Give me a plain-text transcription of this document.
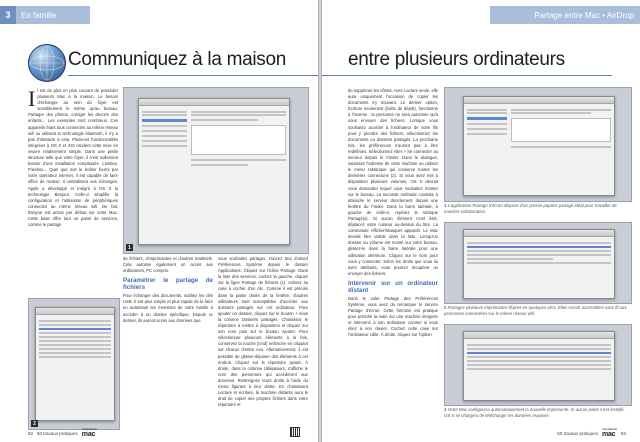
3	En famille
Communiquez à la maison
I l est de plus en plus courant de posséder plusieurs Mac à la maison. Le besoin d'échanger au sein du foyer est sensiblement le même qu'au bureau. Partager des photos, corriger les devoirs des enfants... Les exemples sont nombreux. Ces appareils étant tous connectés au même réseau wifi ou utilisant la technologie bluetooth, il n'y a pas d'obstacle à cela. Plusieurs fonctionnalités intégrées à OS X et iOS rendent cette mise en œuvre relativement simple. Dans une petite structure telle que votre foyer, il n'est nullement besoin d'une installation compliquée. Livebox, Freebox... Quel que soit le boîtier fourni par votre opérateur internet, il est capable de faire office de routeur. Il centralisera vos échanges. Apple a développé et intégré à OS X la technologie Bonjour. Celle-ci simplifie la configuration et l'utilisation de périphériques connectés au même réseau wifi. De fait, Bonjour est activé par défaut sur votre Mac. Cette base offre tout un panel de services, comme le partage
1

de fichiers, d'imprimantes et d'autres matériels. Cela autorise également un accès aux ordinateurs, PC compris.

Paramétrer le partage de fichiers

Pour échanger des documents, oubliez les clés USB. Il est plus simple et plus rapide de le faire en autorisant les membres de votre famille à accéder à un dossier spécifique. Depuis ce dernier, ils auront accès aux données que

vous souhaitez partager. Ouvrez tout d'abord Préférences Système depuis le dossier Applications. Cliquez sur l'icône Partage. Dans la liste des services, cochez la gauche, cliquez sur la ligne Partage de fichiers (1). Activez sa case à cocher d'un clic. Comme il est précisé dans la partie droite de la fenêtre, d'autres utilisateurs sont susceptibles d'accéder aux dossiers partagés sur cet ordinateur. Pour ajouter un dossier, cliquez sur le bouton + sous la colonne Dossiers partagés. Choisissez le répertoire à mettre à disposition et cliquez sur son nom puis sur le bouton Ajouter. Pour sélectionner plusieurs éléments à la fois, conservez la touche [cmd] enfoncée en cliquant sur chacun d'entre eux. Alternativement, il est possible de glisser-déposer des éléments à cet endroit. Cliquez sur le répertoire ajouté. À droite, dans la colonne Utilisateurs, s'affiche le nom des personnes qui accéderont aux données. Restreignez leurs droits à l'aide du menu figurant à leur droite. En choisissant Lecture et écriture, la machine distante aura le droit de copier ses propres fichiers dans votre répertoire et
2
82 50 travaux pratiques
Compétence
mac
Partage entre Mac • AirDrop
entre plusieurs ordinateurs

de supprimer les vôtres. Avec Lecture seule, elle aura uniquement l'occasion de copier les documents s'y trouvant. Le dernier option, Écriture seulement (boîte de dépôt), fonctionne à l'inverse : la personne ne sera autorisée qu'à vous envoyer des fichiers. Lorsque vous souhaitez accéder à l'ordinateur de votre fils pour y prendre des fichiers, sélectionnez les documents ou dossiers partagés. La prochaine fois, les préférences n'auront pas à être redéfinies. Sélectionnez Aller > Se connecter au serveur depuis le Finder. Dans le dialogue, saisissez l'adresse de cette machine ou utilisez le menu Historique qui conserve toutes les dernières connexions (2). Si vous avez mis à disposition plusieurs volumes, OS X devrait vous demander lequel vous souhaitez monter sur le bureau. La seconde méthode consiste à atteindre le serveur directement depuis une fenêtre du Finder. Dans la barre latérale, à gauche de celle-ci, repérez la rubrique Partagé(s). Si aucun élément n'est listé, déplacez votre curseur au-dessus du titre. La commande Afficher/Masquer apparaît. Le Mac devrait être visible dans la liste. Lorsqu'un dossier ou volume est monté sur votre bureau, glissez-le dans la barre latérale pour une utilisation ultérieure. Cliquez sur le nom pour vous y connecter. Selon les droits que vous lui avez attribués, vous pourrez récupérer ou envoyer des fichiers.

Intervenir sur un ordinateur distant

Dans le volet Partage des Préférences Système, vous avez du remarquer le service Partage d'écran. Cette fonction est pratique pour prendre la main sur une machine éloignée et intervenir à son ordinateur comme si vous étiez à son clavier. Cochez cette case sur l'ordinateur cible. À droite, cliquez sur l'option

1 L'application Partage d'écran dispose d'un presse-papiers partagé idéal pour travailler de manière collaborative.
2 Partagez plusieurs imprimantes filaires en quelques clics. Elles seront accessibles sans fil aux personnes connectées sur le même réseau wifi.
3 Votre Mac configurera automatiquement la nouvelle imprimante. Si aucun pilote n'est installé, OS X se chargera de télécharger les données requises.
50 travaux pratiques
Compétence
mac	83
